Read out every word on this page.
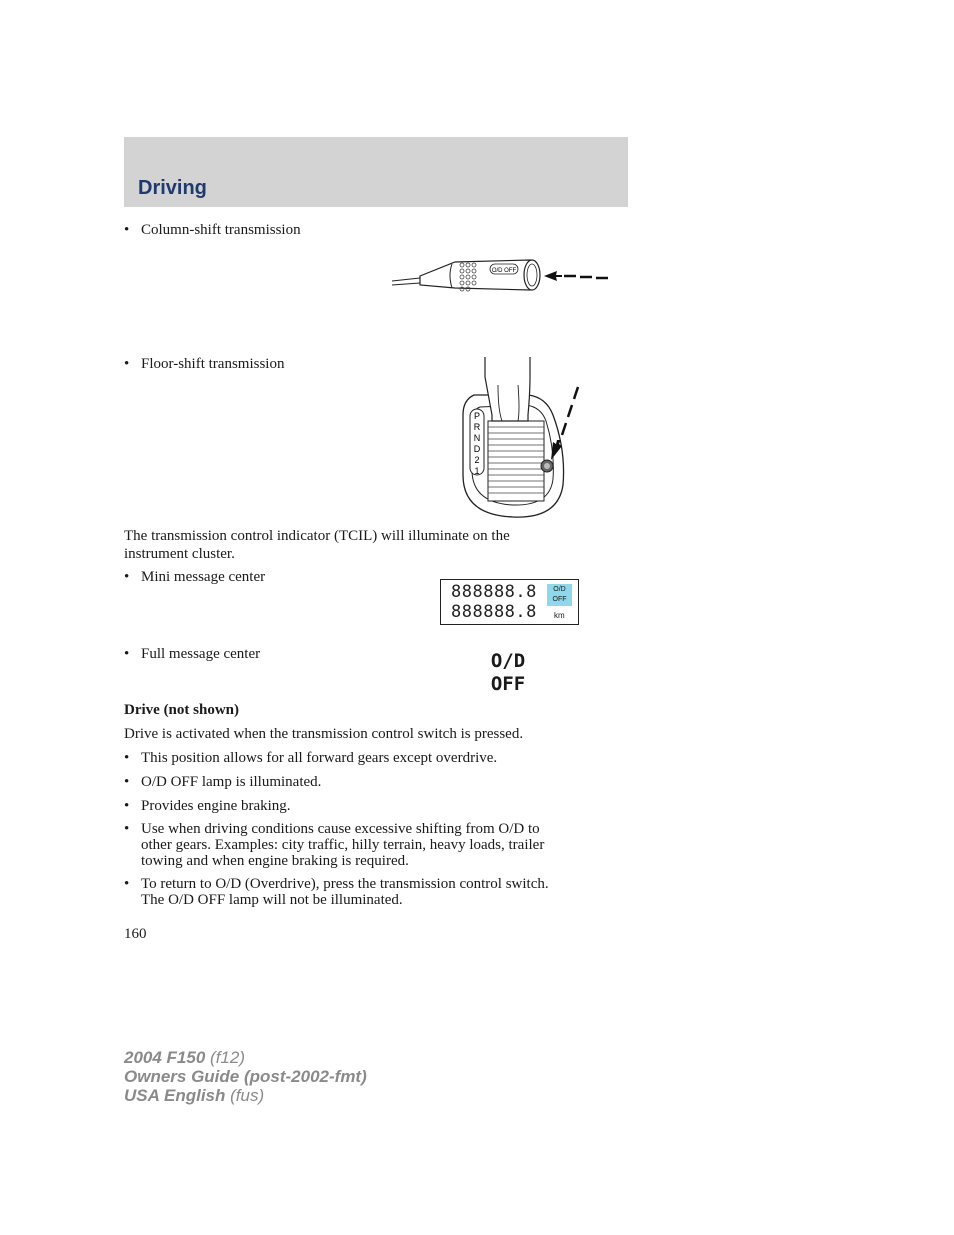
Driving
• Column-shift transmission
O/D OFF
• Floor-shift transmission
P
R
N
D
2
1
The transmission control indicator (TCIL) will illuminate on the
instrument cluster.
• Mini message center
888888.8
888888.8
O/D
OFF
km
• Full message center	O/D
OFF
Drive (not shown)
Drive is activated when the transmission control switch is pressed.
• This position allows for all forward gears except overdrive.
• O/D OFF lamp is illuminated.
• Provides engine braking.
• Use when driving conditions cause excessive shifting from O/D to
other gears. Examples: city traffic, hilly terrain, heavy loads, trailer
towing and when engine braking is required.
• To return to O/D (Overdrive), press the transmission control switch.
The O/D OFF lamp will not be illuminated.
160
2004 F150 (f12)
Owners Guide (post-2002-fmt)
USA English (fus)
